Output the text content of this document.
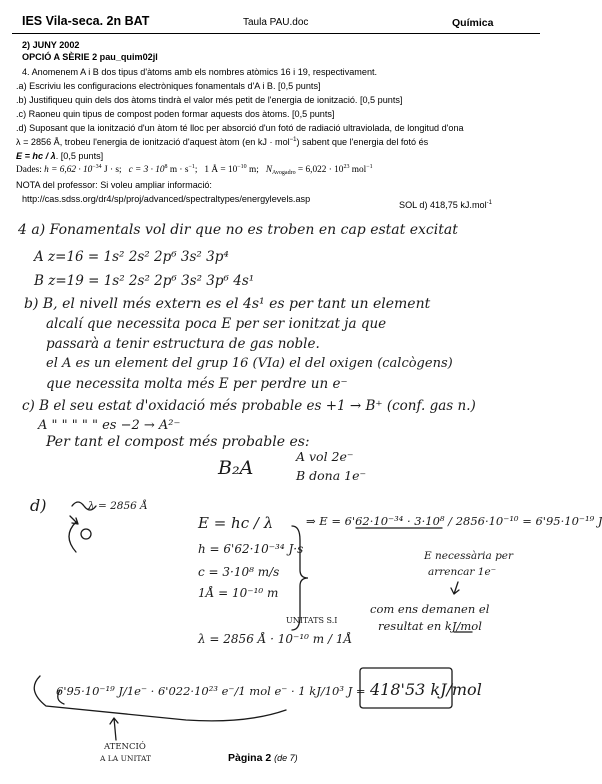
IES Vila-seca. 2n BAT	Taula PAU.doc	Química
2) JUNY 2002
OPCIÓ A SÈRIE 2 pau_quim02jl
4. Anomenem A i B dos tipus d'àtoms amb els nombres atòmics 16 i 19, respectivament.
.a) Escriviu les configuracions electròniques fonamentals d'A i B. [0,5 punts]
.b) Justifiqueu quin dels dos àtoms tindrà el valor més petit de l'energia de ionització. [0,5 punts]
.c) Raoneu quin tipus de compost poden formar aquests dos àtoms. [0,5 punts]
.d) Suposant que la ionització d'un àtom té lloc per absorció d'un fotó de radiació ultraviolada, de longitud d'ona
λ = 2856 Å, trobeu l'energia de ionització d'aquest àtom (en kJ · mol$^{-1}$) sabent que l'energia del fotó és
E = hc / λ. [0,5 punts]
Dades: $h = 6,62 \cdot 10^{-34}$ J · s; $c = 3 \cdot 10^8$ $m \cdot s^{-1}$;   1 Å = $10^{-10}$ m; $N_{Avogadro} = 6,022 \cdot 10^{23}$ mol$^{-1}$
NOTA del professor: Si voleu ampliar informació:
http://cas.sdss.org/dr4/sp/proj/advanced/spectraltypes/energylevels.asp
SOL d) 418,75 kJ.mol$^{-1}$
4 a) Fonamentals vol dir que no es troben en cap estat excitat
A z=16 = 1s² 2s² 2p⁶ 3s² 3p⁴
B z=19 = 1s² 2s² 2p⁶ 3s² 3p⁶ 4s¹
b) B, el nivell més extern es el 4s¹ es per tant un element
alcalí que necessita poca E per ser ionitzat ja que
passarà a tenir estructura de gas noble.
el A es un element del grup 16 (VIa) el del oxigen (calcògens)
que necessita molta més E per perdre un e⁻
c) B el seu estat d'oxidació més probable es +1 → B⁺ (conf. gas n.)
A " " " " " es −2 → A²⁻
Per tant el compost més probable es:
B₂A
A vol 2e⁻
B dona 1e⁻
d)	λ = 2856 Å
E = hc / λ
h = 6'62·10⁻³⁴ J·s
c = 3·10⁸ m/s
1Å = 10⁻¹⁰ m
UNITATS S.I
λ = 2856 Å · 10⁻¹⁰ m / 1Å
⇒ E = 6'62·10⁻³⁴ · 3·10⁸ / 2856·10⁻¹⁰ = 6'95·10⁻¹⁹ J
E necessària per
arrencar 1e⁻
com ens demanen el
resultat en kJ/mol
6'95·10⁻¹⁹ J/1e⁻ · 6'022·10²³ e⁻/1 mol e⁻ · 1 kJ/10³ J = 418'53 kJ/mol
ATENCIÓ
A LA UNITAT	Pàgina 2 (de 7)
